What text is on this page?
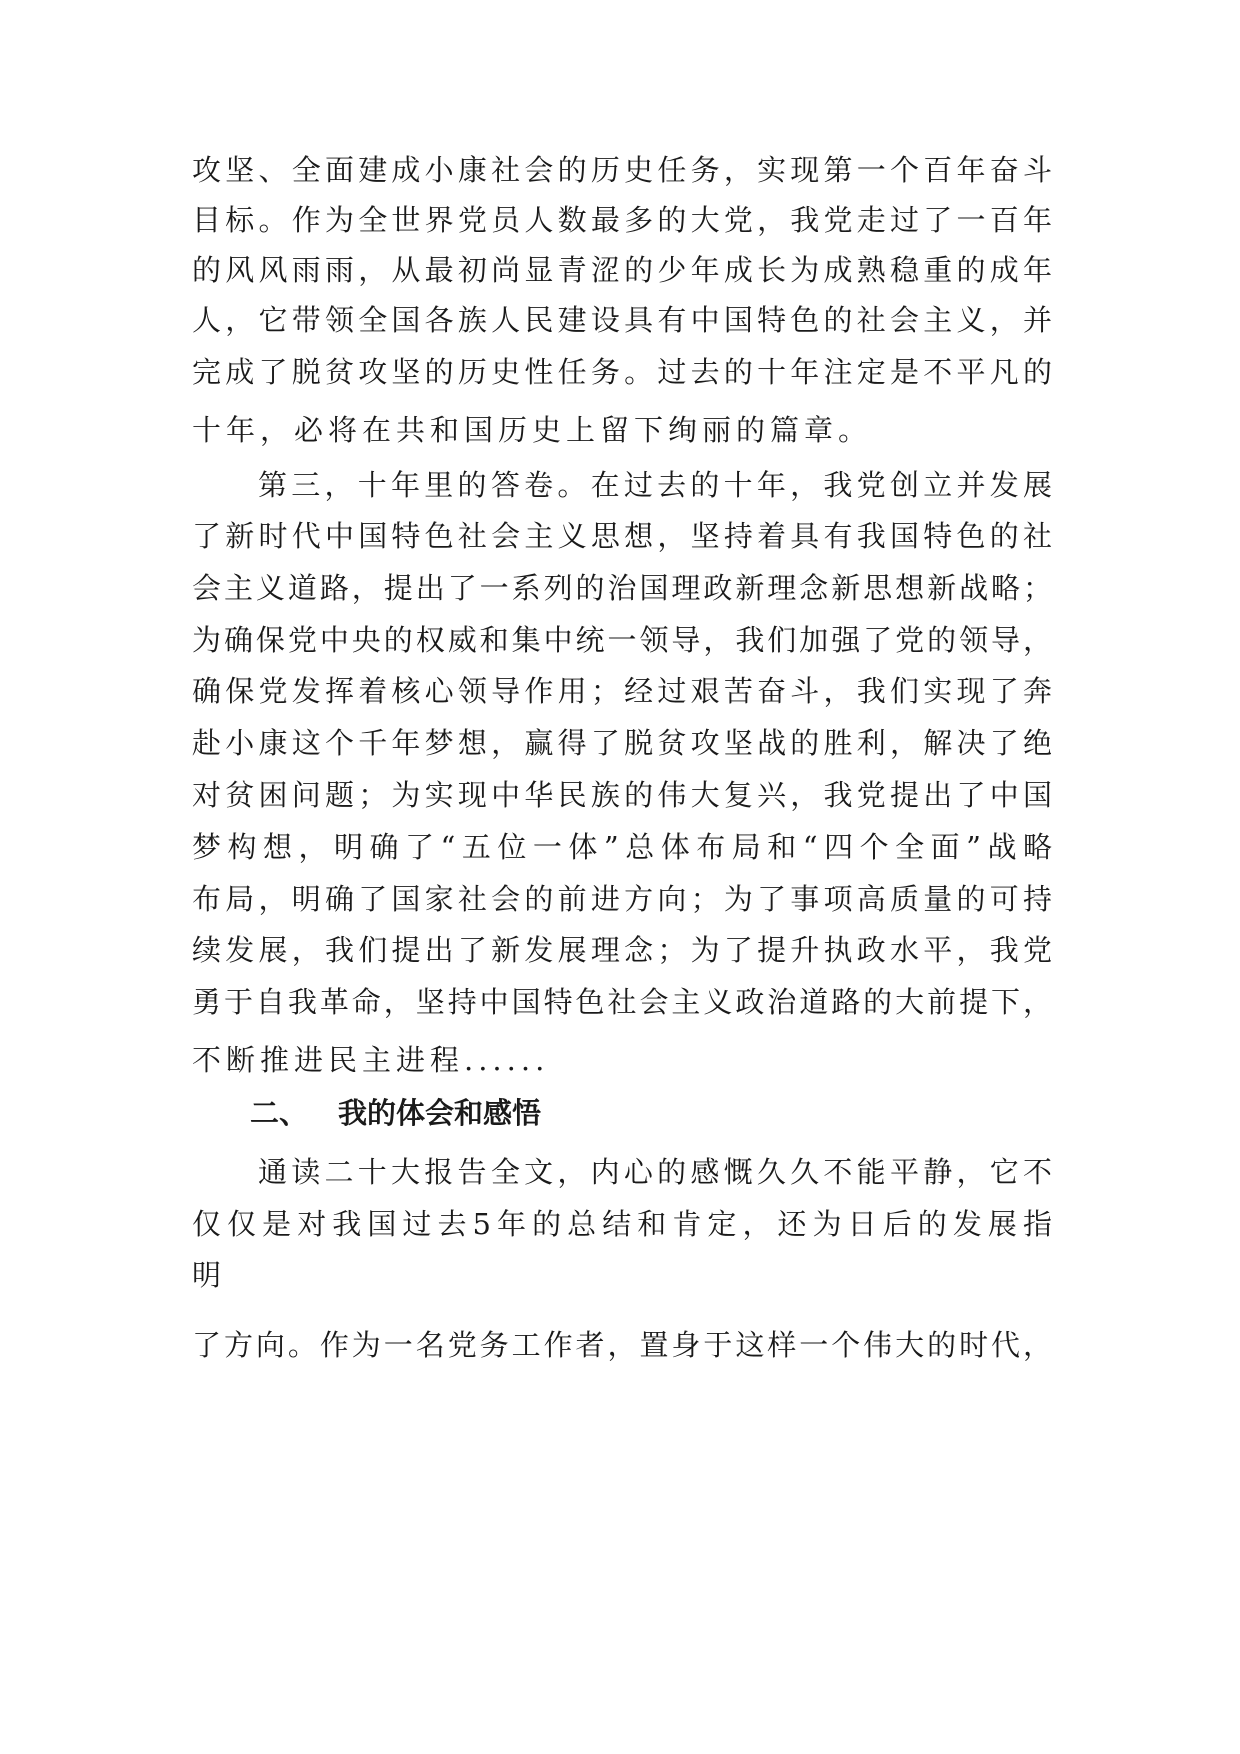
攻坚、全面建成小康社会的历史任务，实现第一个百年奋斗

目标。作为全世界党员人数最多的大党，我党走过了一百年

的风风雨雨，从最初尚显青涩的少年成长为成熟稳重的成年

人，它带领全国各族人民建设具有中国特色的社会主义，并

完成了脱贫攻坚的历史性任务。过去的十年注定是不平凡的

十年，必将在共和国历史上留下绚丽的篇章。

第三，十年里的答卷。在过去的十年，我党创立并发展

了新时代中国特色社会主义思想，坚持着具有我国特色的社

会主义道路，提出了一系列的治国理政新理念新思想新战略；

为确保党中央的权威和集中统一领导，我们加强了党的领导，

确保党发挥着核心领导作用；经过艰苦奋斗，我们实现了奔

赴小康这个千年梦想，赢得了脱贫攻坚战的胜利，解决了绝

对贫困问题；为实现中华民族的伟大复兴，我党提出了中国

梦构想，明确了“五位一体”总体布局和“四个全面”战略

布局，明确了国家社会的前进方向；为了事项高质量的可持

续发展，我们提出了新发展理念；为了提升执政水平，我党

勇于自我革命，坚持中国特色社会主义政治道路的大前提下，

不断推进民主进程......

二、 我的体会和感悟

通读二十大报告全文，内心的感慨久久不能平静，它不

仅仅是对我国过去5年的总结和肯定，还为日后的发展指

明

了方向。作为一名党务工作者，置身于这样一个伟大的时代，
